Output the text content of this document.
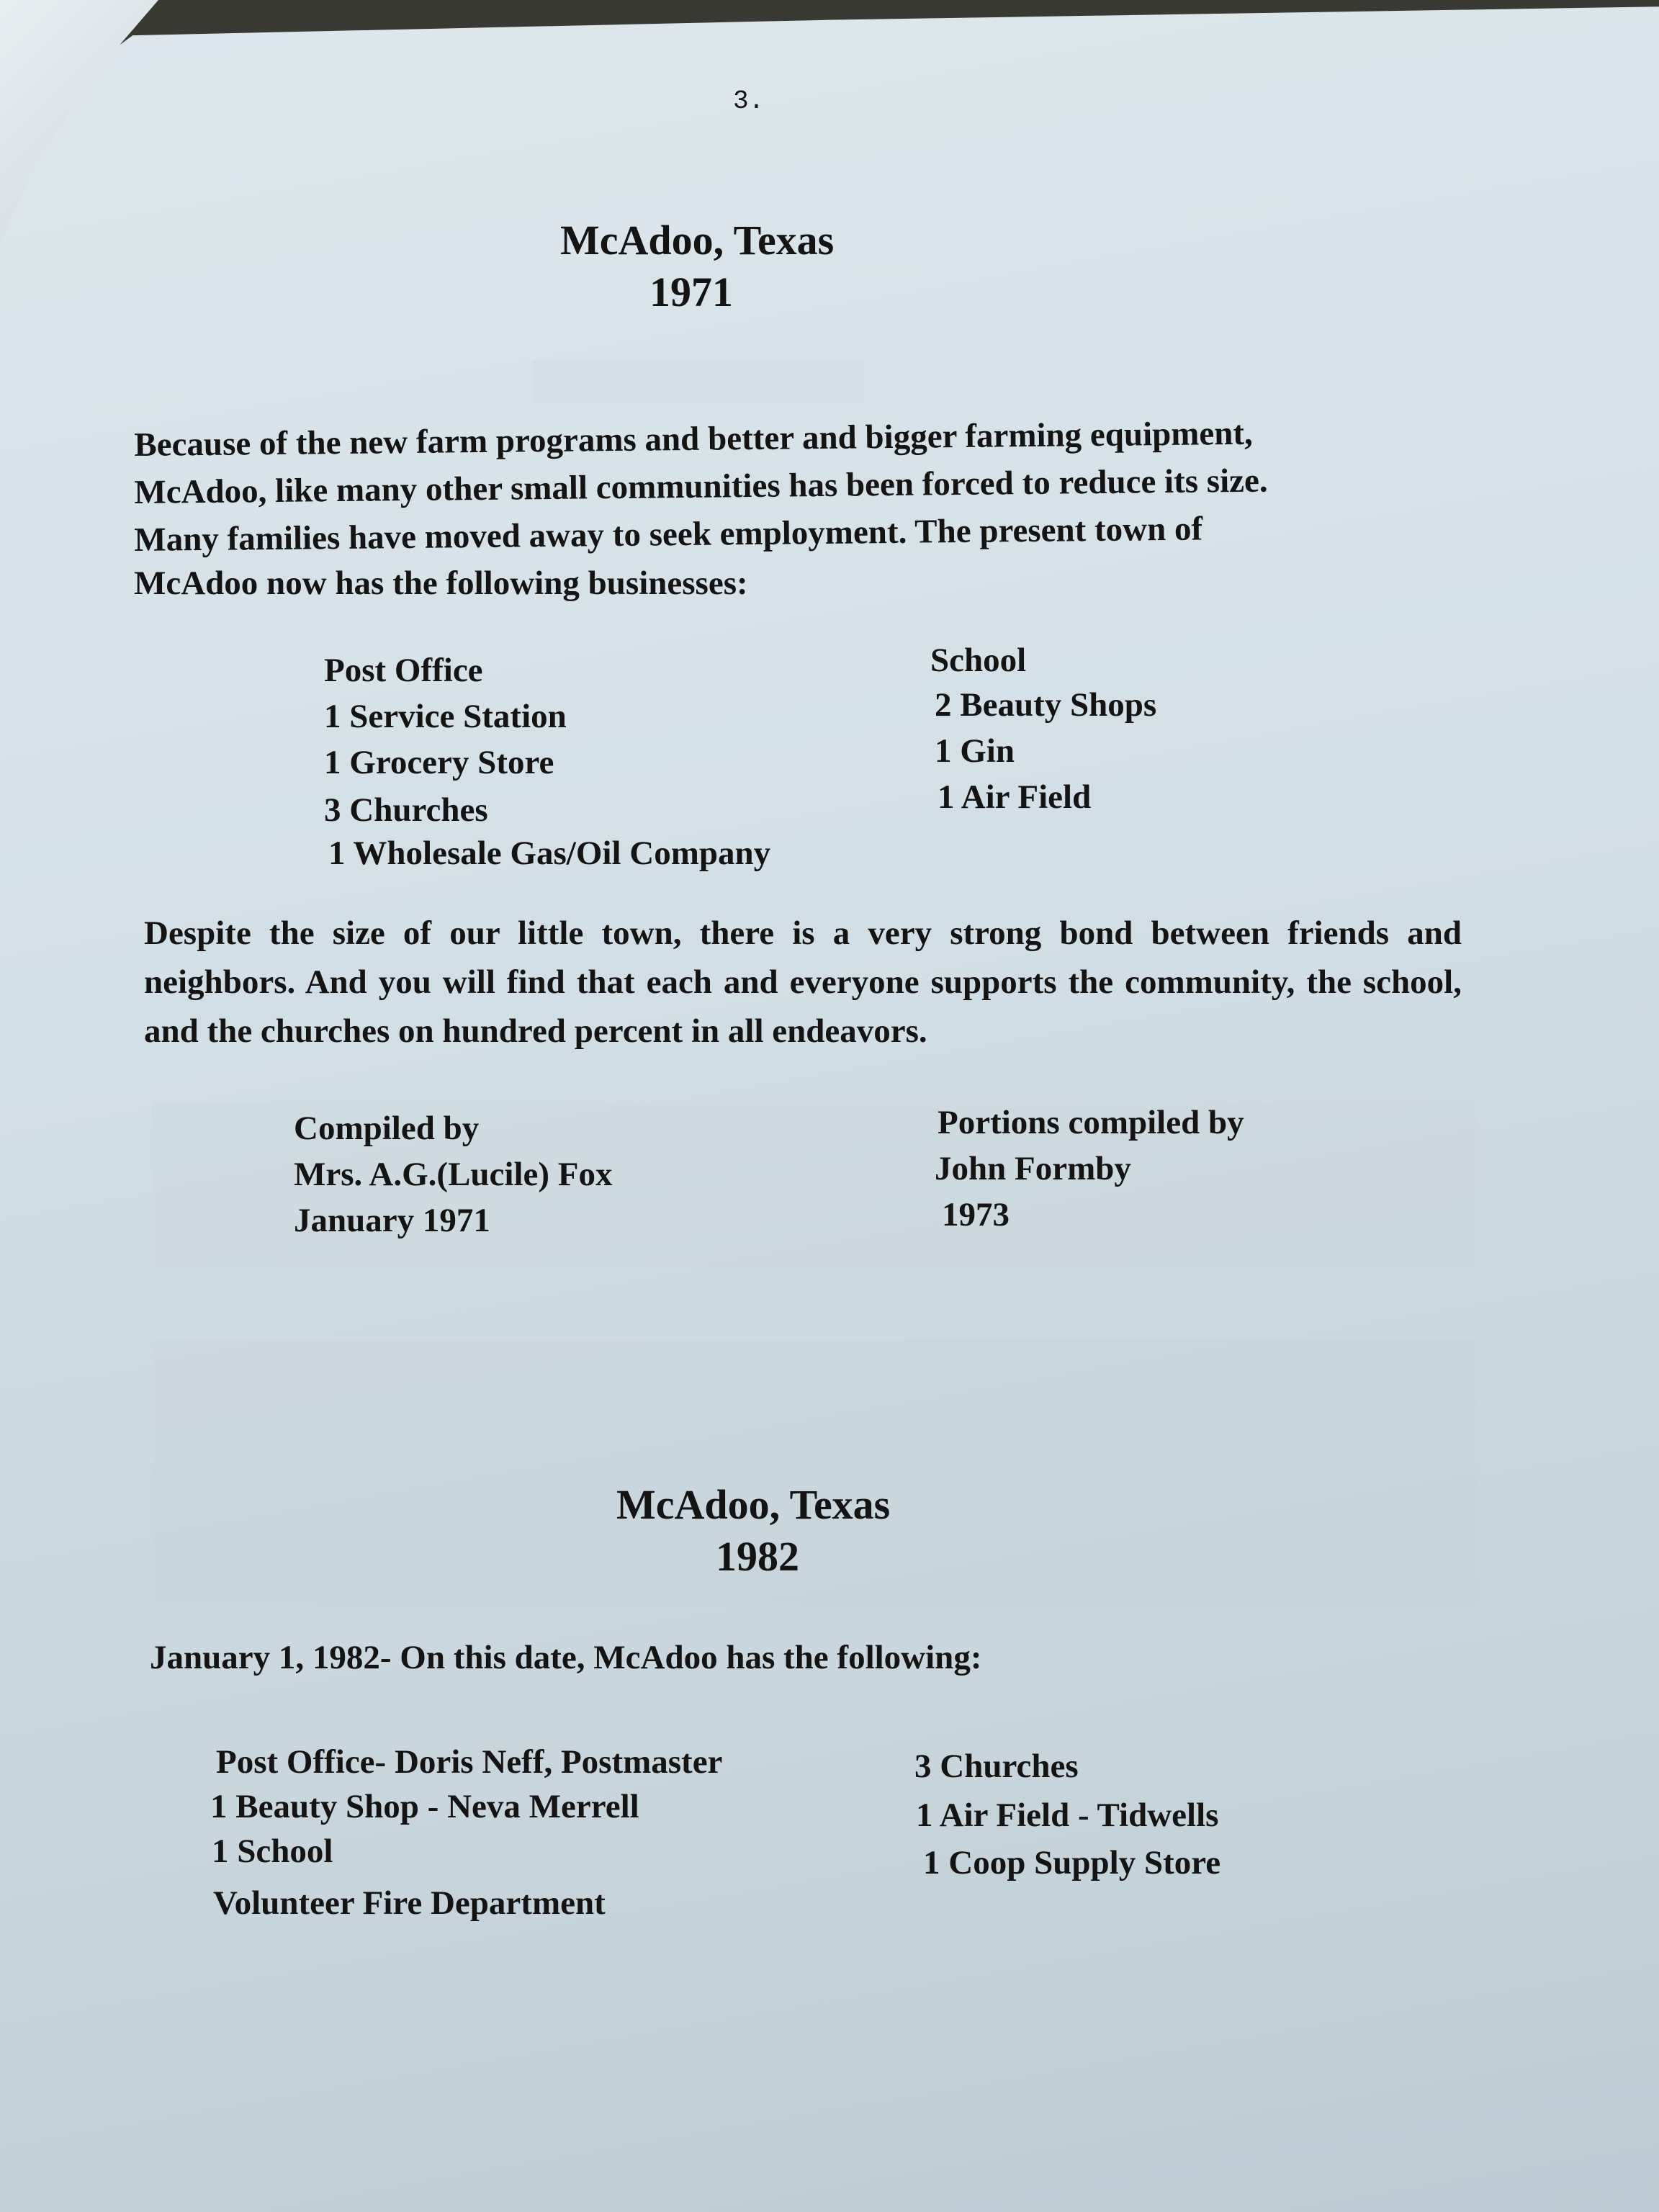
3.
McAdoo, Texas
1971
Because of the new farm programs and better and bigger farming equipment,
McAdoo, like many other small communities has been forced to reduce its size.
Many families have moved away to seek employment. The present town of
McAdoo now has the following businesses:
Post Office
1 Service Station
1 Grocery Store
3 Churches
1 Wholesale Gas/Oil Company
School
2 Beauty Shops
1 Gin
1 Air Field
Despite the size of our little town, there is a very strong bond between friends and neighbors. And you will find that each and everyone supports the community, the school, and the churches on hundred percent in all endeavors.
Compiled by
Mrs. A.G.(Lucile) Fox
January 1971
Portions compiled by
John Formby
1973
McAdoo, Texas
1982
January 1, 1982- On this date, McAdoo has the following:
Post Office- Doris Neff, Postmaster
1 Beauty Shop - Neva Merrell
1 School
Volunteer Fire Department
3 Churches
1 Air Field - Tidwells
1 Coop Supply Store
